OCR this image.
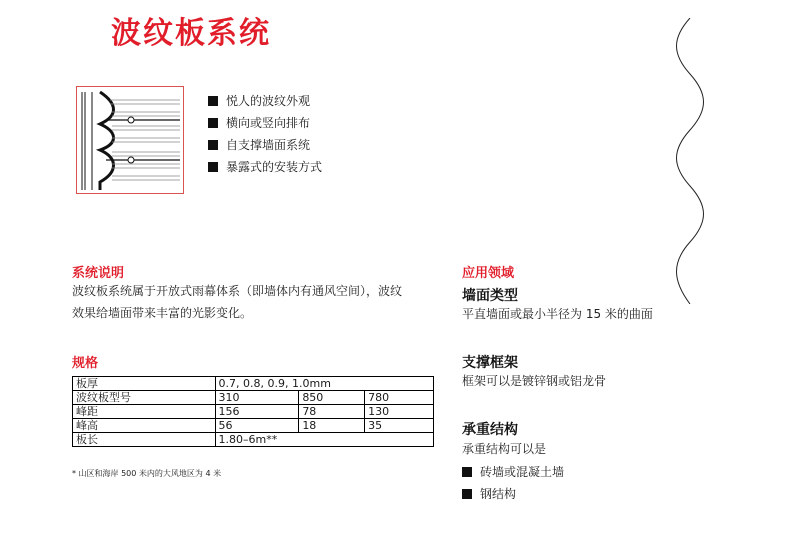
波纹板系统
悦人的波纹外观
横向或竖向排布
自支撑墙面系统
暴露式的安装方式
系统说明
波纹板系统属于开放式雨幕体系（即墙体内有通风空间），波纹
效果给墙面带来丰富的光影变化。
规格
板厚	0.7, 0.8, 0.9, 1.0mm		
波纹板型号	310	850	780
峰距	156	78	130
峰高	56	18	35
板长	1.80–6m**		
* 山区和海岸 500 米内的大风地区为 4 米
应用领域
墙面类型
平直墙面或最小半径为 15 米的曲面
支撑框架
框架可以是镀锌钢或铝龙骨
承重结构
承重结构可以是
砖墙或混凝土墙
钢结构
